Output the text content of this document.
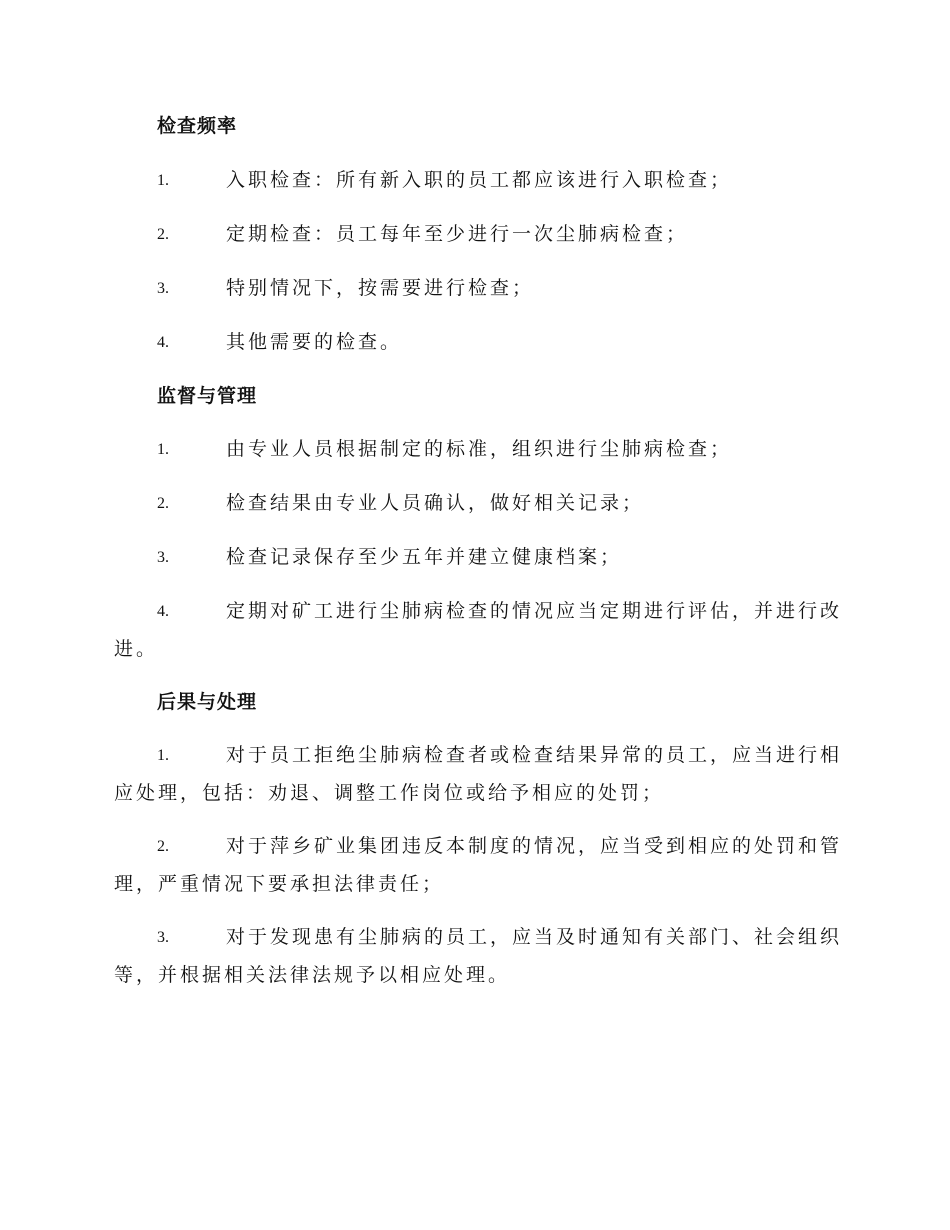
检查频率
1.	入职检查：所有新入职的员工都应该进行入职检查；
2.	定期检查：员工每年至少进行一次尘肺病检查；
3.	特别情况下，按需要进行检查；
4.	其他需要的检查。
监督与管理
1.	由专业人员根据制定的标准，组织进行尘肺病检查；
2.	检查结果由专业人员确认，做好相关记录；
3.	检查记录保存至少五年并建立健康档案；
4.	定期对矿工进行尘肺病检查的情况应当定期进行评估，并进行改
进。
后果与处理
1.	对于员工拒绝尘肺病检查者或检查结果异常的员工，应当进行相
应处理，包括：劝退、调整工作岗位或给予相应的处罚；
2.	对于萍乡矿业集团违反本制度的情况，应当受到相应的处罚和管
理，严重情况下要承担法律责任；
3.	对于发现患有尘肺病的员工，应当及时通知有关部门、社会组织
等，并根据相关法律法规予以相应处理。
